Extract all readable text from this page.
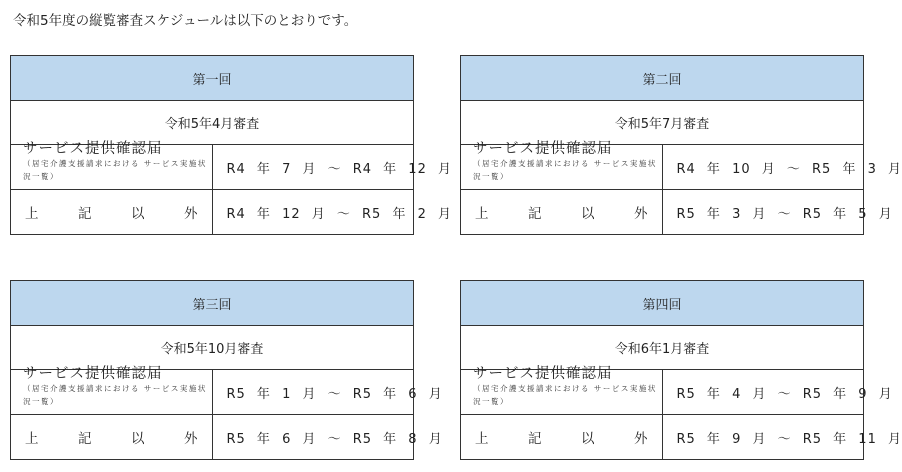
令和5年度の縦覧審査スケジュールは以下のとおりです。
第一回	
令和5年4月審査	

サービス提供確認届
（居宅介護支援請求における サービス実施状況一覧）	R4 年 7 月 ～ R4 年 12 月

上 記 以 外	R4 年 12 月 ～ R5 年 2 月
第二回	
令和5年7月審査	

サービス提供確認届
（居宅介護支援請求における サービス実施状況一覧）	R4 年 10 月 ～ R5 年 3 月

上 記 以 外	R5 年 3 月 ～ R5 年 5 月
第三回	
令和5年10月審査	

サービス提供確認届
（居宅介護支援請求における サービス実施状況一覧）	R5 年 1 月 ～ R5 年 6 月

上 記 以 外	R5 年 6 月 ～ R5 年 8 月
第四回	
令和6年1月審査	

サービス提供確認届
（居宅介護支援請求における サービス実施状況一覧）	R5 年 4 月 ～ R5 年 9 月

上 記 以 外	R5 年 9 月 ～ R5 年 11 月
